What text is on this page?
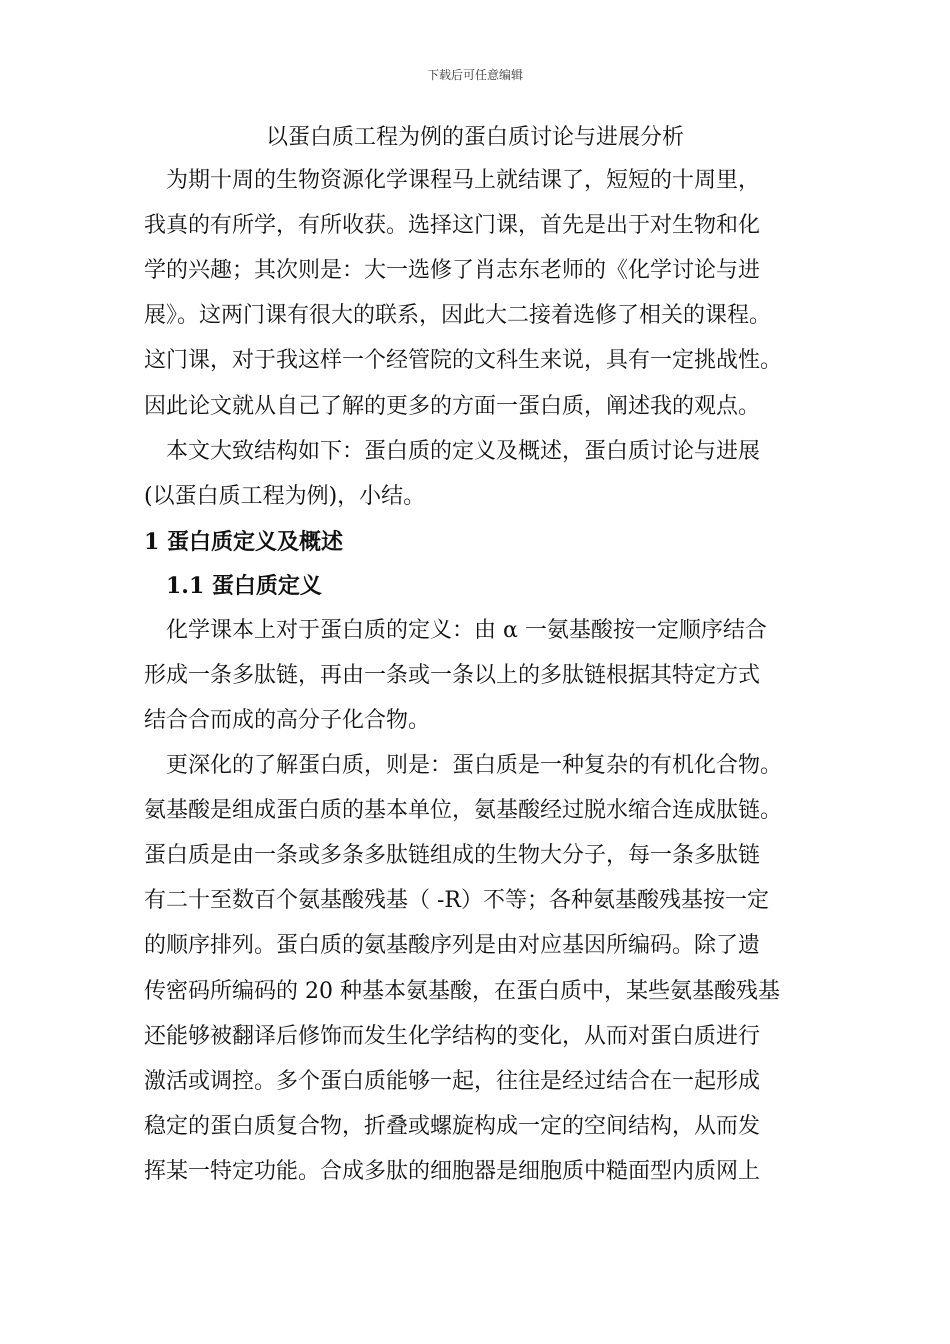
下载后可任意编辑
以蛋白质工程为例的蛋白质讨论与进展分析
为期十周的生物资源化学课程马上就结课了，短短的十周里，
我真的有所学，有所收获。选择这门课，首先是出于对生物和化
学的兴趣；其次则是：大一选修了肖志东老师的《化学讨论与进
展》。这两门课有很大的联系，因此大二接着选修了相关的课程。
这门课，对于我这样一个经管院的文科生来说，具有一定挑战性。
因此论文就从自己了解的更多的方面一蛋白质，阐述我的观点。
本文大致结构如下：蛋白质的定义及概述，蛋白质讨论与进展
(以蛋白质工程为例)，小结。
1 蛋白质定义及概述
1.1 蛋白质定义
化学课本上对于蛋白质的定义：由 α 一氨基酸按一定顺序结合
形成一条多肽链，再由一条或一条以上的多肽链根据其特定方式
结合合而成的高分子化合物。
更深化的了解蛋白质，则是：蛋白质是一种复杂的有机化合物。
氨基酸是组成蛋白质的基本单位，氨基酸经过脱水缩合连成肽链。
蛋白质是由一条或多条多肽链组成的生物大分子，每一条多肽链
有二十至数百个氨基酸残基（ -R）不等；各种氨基酸残基按一定
的顺序排列。蛋白质的氨基酸序列是由对应基因所编码。除了遗
传密码所编码的 20 种基本氨基酸，在蛋白质中，某些氨基酸残基
还能够被翻译后修饰而发生化学结构的变化，从而对蛋白质进行
激活或调控。多个蛋白质能够一起，往往是经过结合在一起形成
稳定的蛋白质复合物，折叠或螺旋构成一定的空间结构，从而发
挥某一特定功能。合成多肽的细胞器是细胞质中糙面型内质网上
